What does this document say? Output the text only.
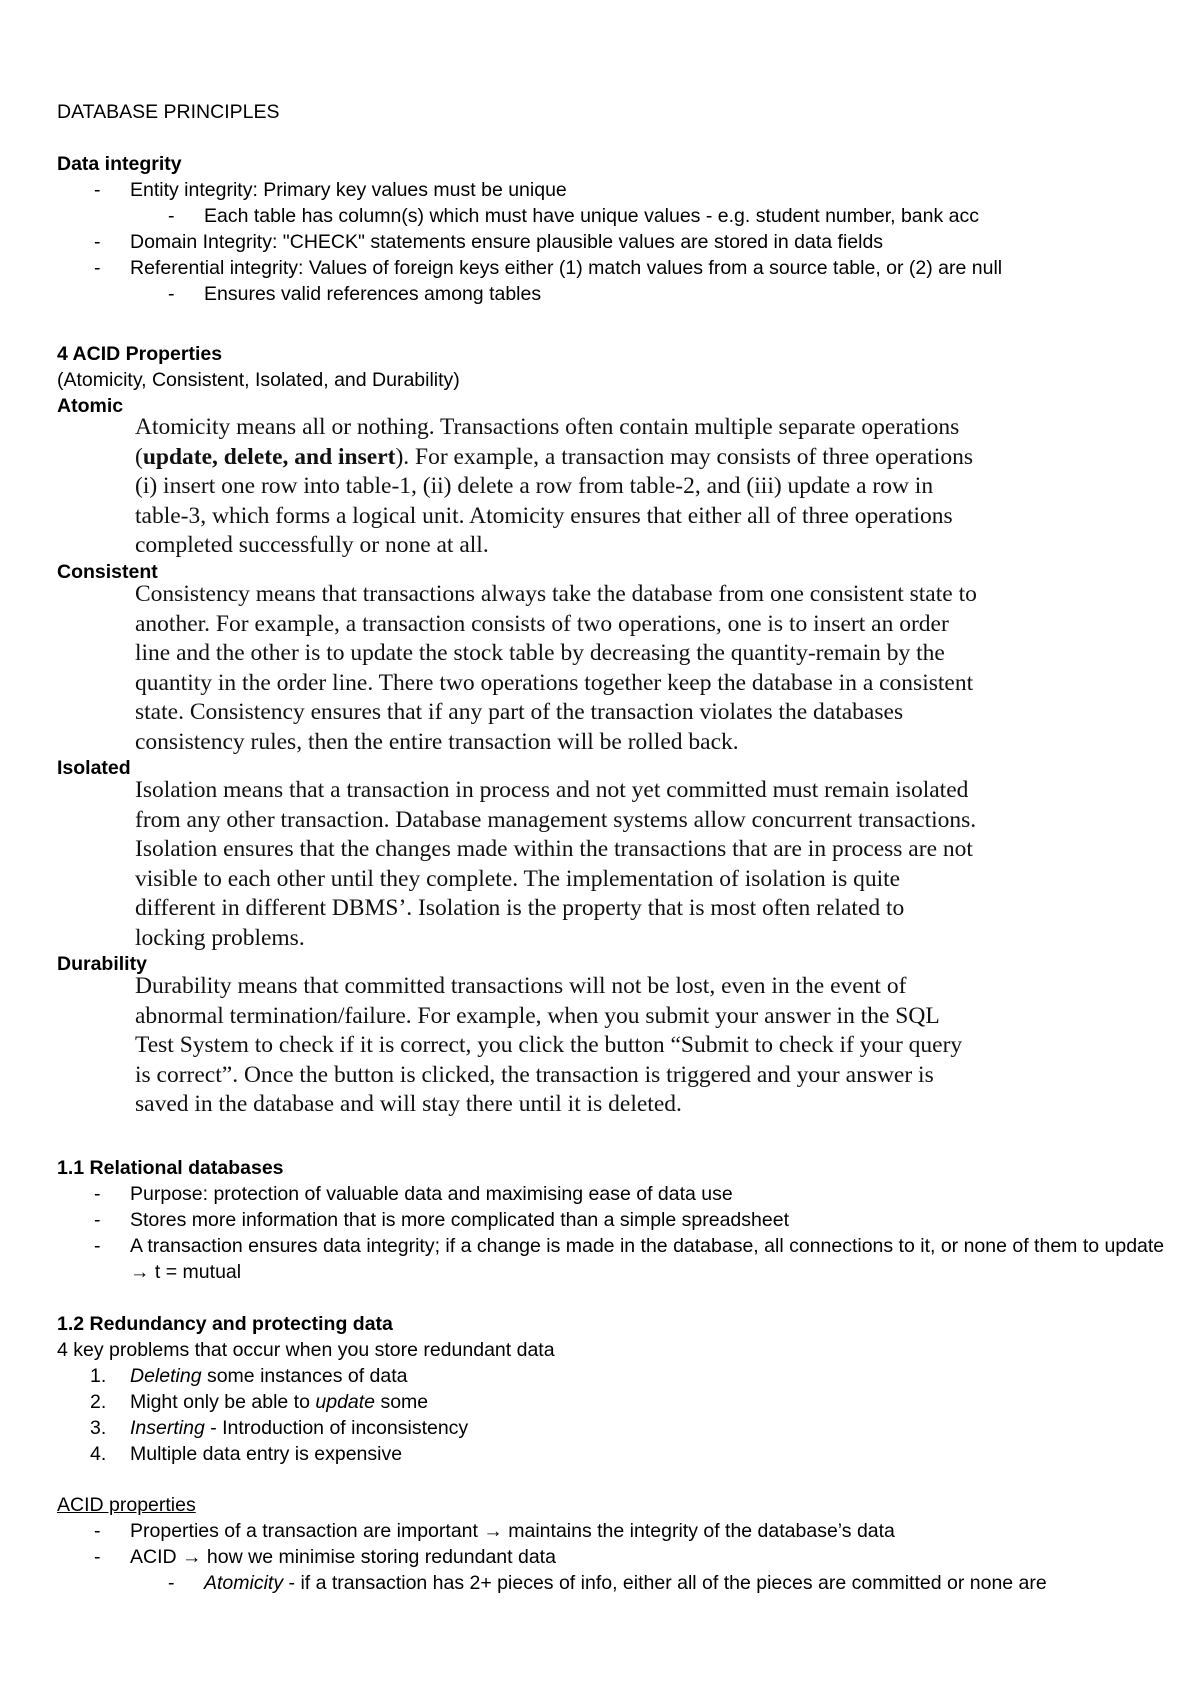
DATABASE PRINCIPLES
Data integrity
- Entity integrity: Primary key values must be unique
- Each table has column(s) which must have unique values - e.g. student number, bank acc
- Domain Integrity: "CHECK" statements ensure plausible values are stored in data fields
- Referential integrity: Values of foreign keys either (1) match values from a source table, or (2) are null
- Ensures valid references among tables
4 ACID Properties
(Atomicity, Consistent, Isolated, and Durability)
Atomic
Atomicity means all or nothing. Transactions often contain multiple separate operations
(update, delete, and insert). For example, a transaction may consists of three operations
(i) insert one row into table-1, (ii) delete a row from table-2, and (iii) update a row in
table-3, which forms a logical unit. Atomicity ensures that either all of three operations
completed successfully or none at all.
Consistent
Consistency means that transactions always take the database from one consistent state to
another. For example, a transaction consists of two operations, one is to insert an order
line and the other is to update the stock table by decreasing the quantity-remain by the
quantity in the order line. There two operations together keep the database in a consistent
state. Consistency ensures that if any part of the transaction violates the databases
consistency rules, then the entire transaction will be rolled back.
Isolated
Isolation means that a transaction in process and not yet committed must remain isolated
from any other transaction. Database management systems allow concurrent transactions.
Isolation ensures that the changes made within the transactions that are in process are not
visible to each other until they complete. The implementation of isolation is quite
different in different DBMS’. Isolation is the property that is most often related to
locking problems.
Durability
Durability means that committed transactions will not be lost, even in the event of
abnormal termination/failure. For example, when you submit your answer in the SQL
Test System to check if it is correct, you click the button “Submit to check if your query
is correct”. Once the button is clicked, the transaction is triggered and your answer is
saved in the database and will stay there until it is deleted.
1.1 Relational databases
- Purpose: protection of valuable data and maximising ease of data use
- Stores more information that is more complicated than a simple spreadsheet
- A transaction ensures data integrity; if a change is made in the database, all connections to it, or none of them to update → t = mutual
1.2 Redundancy and protecting data
4 key problems that occur when you store redundant data
1. Deleting some instances of data
2. Might only be able to update some
3. Inserting - Introduction of inconsistency
4. Multiple data entry is expensive
ACID properties
- Properties of a transaction are important → maintains the integrity of the database’s data
- ACID → how we minimise storing redundant data
- Atomicity - if a transaction has 2+ pieces of info, either all of the pieces are committed or none are
